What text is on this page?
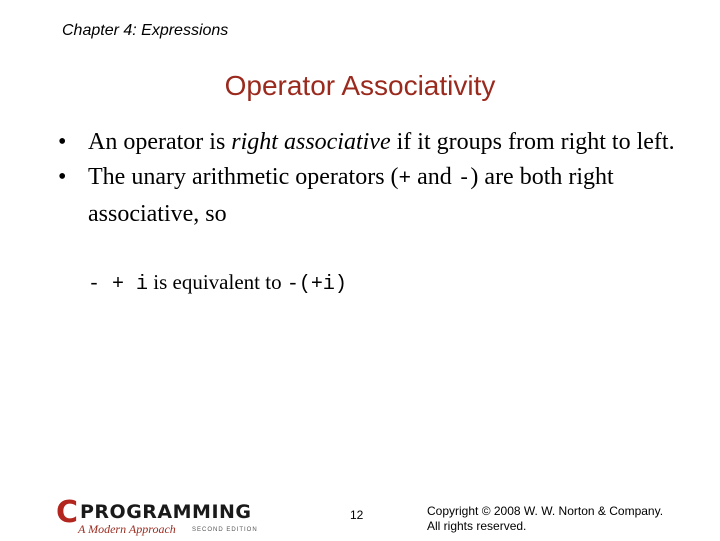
Chapter 4: Expressions
Operator Associativity
• An operator is right associative if it groups from right to left.
• The unary arithmetic operators (+ and -) are both right associative, so
- + i is equivalent to -(+i)
C PROGRAMMING
A Modern Approach	SECOND EDITION
12	Copyright © 2008 W. W. Norton & Company.
All rights reserved.
